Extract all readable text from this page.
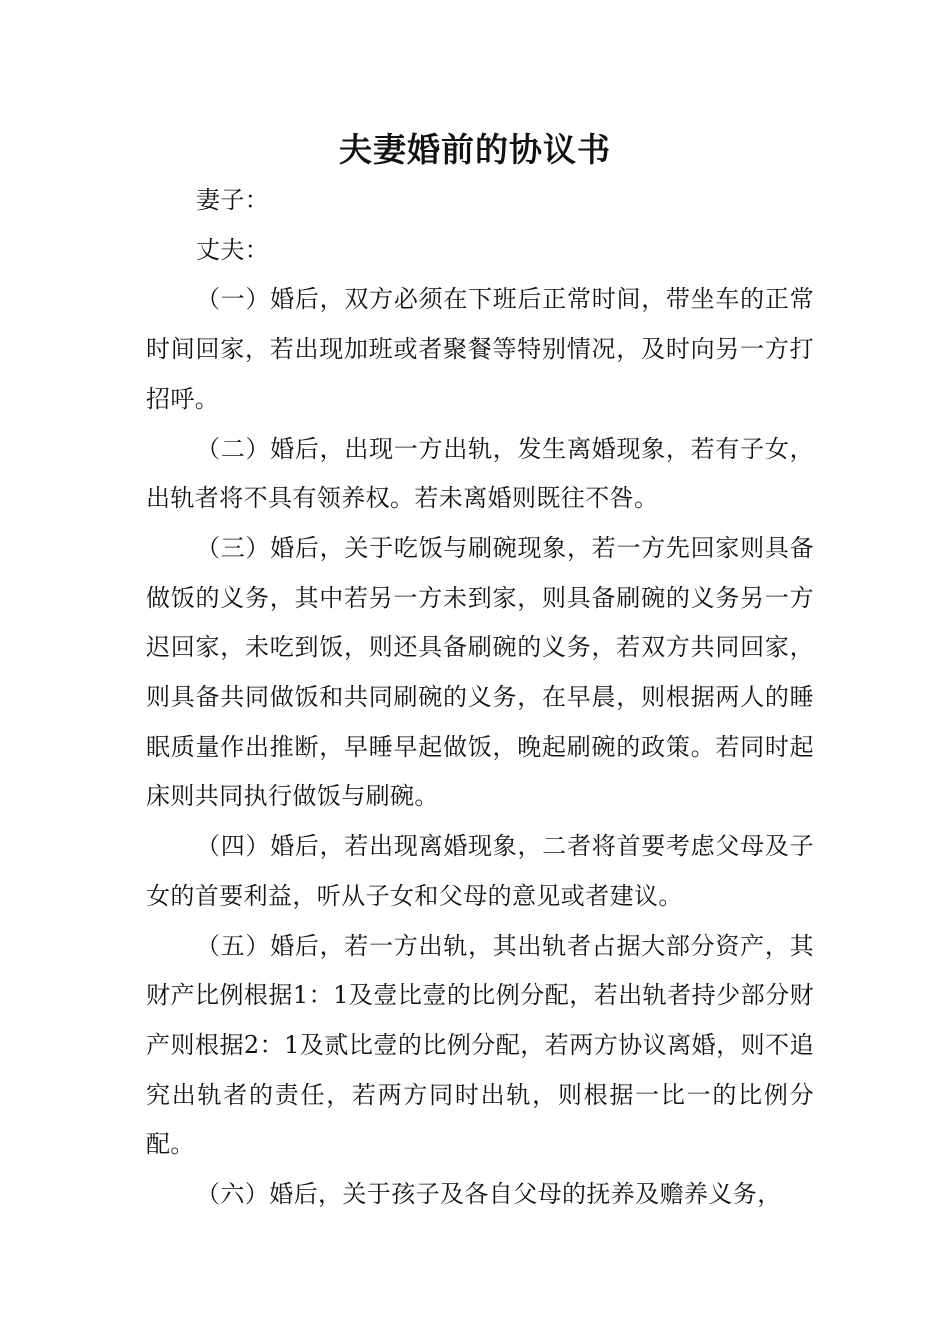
夫妻婚前的协议书

妻子：

丈夫：

（一）婚后，双方必须在下班后正常时间，带坐车的正常时间回家，若出现加班或者聚餐等特别情况，及时向另一方打招呼。

（二）婚后，出现一方出轨，发生离婚现象，若有子女，出轨者将不具有领养权。若未离婚则既往不咎。

（三）婚后，关于吃饭与刷碗现象，若一方先回家则具备做饭的义务，其中若另一方未到家，则具备刷碗的义务另一方迟回家，未吃到饭，则还具备刷碗的义务，若双方共同回家，则具备共同做饭和共同刷碗的义务，在早晨，则根据两人的睡眠质量作出推断，早睡早起做饭，晚起刷碗的政策。若同时起床则共同执行做饭与刷碗。

（四）婚后，若出现离婚现象，二者将首要考虑父母及子女的首要利益，听从子女和父母的意见或者建议。

（五）婚后，若一方出轨，其出轨者占据大部分资产，其财产比例根据1：1及壹比壹的比例分配，若出轨者持少部分财产则根据2：1及贰比壹的比例分配，若两方协议离婚，则不追究出轨者的责任，若两方同时出轨，则根据一比一的比例分配。

（六）婚后，关于孩子及各自父母的抚养及赡养义务，
